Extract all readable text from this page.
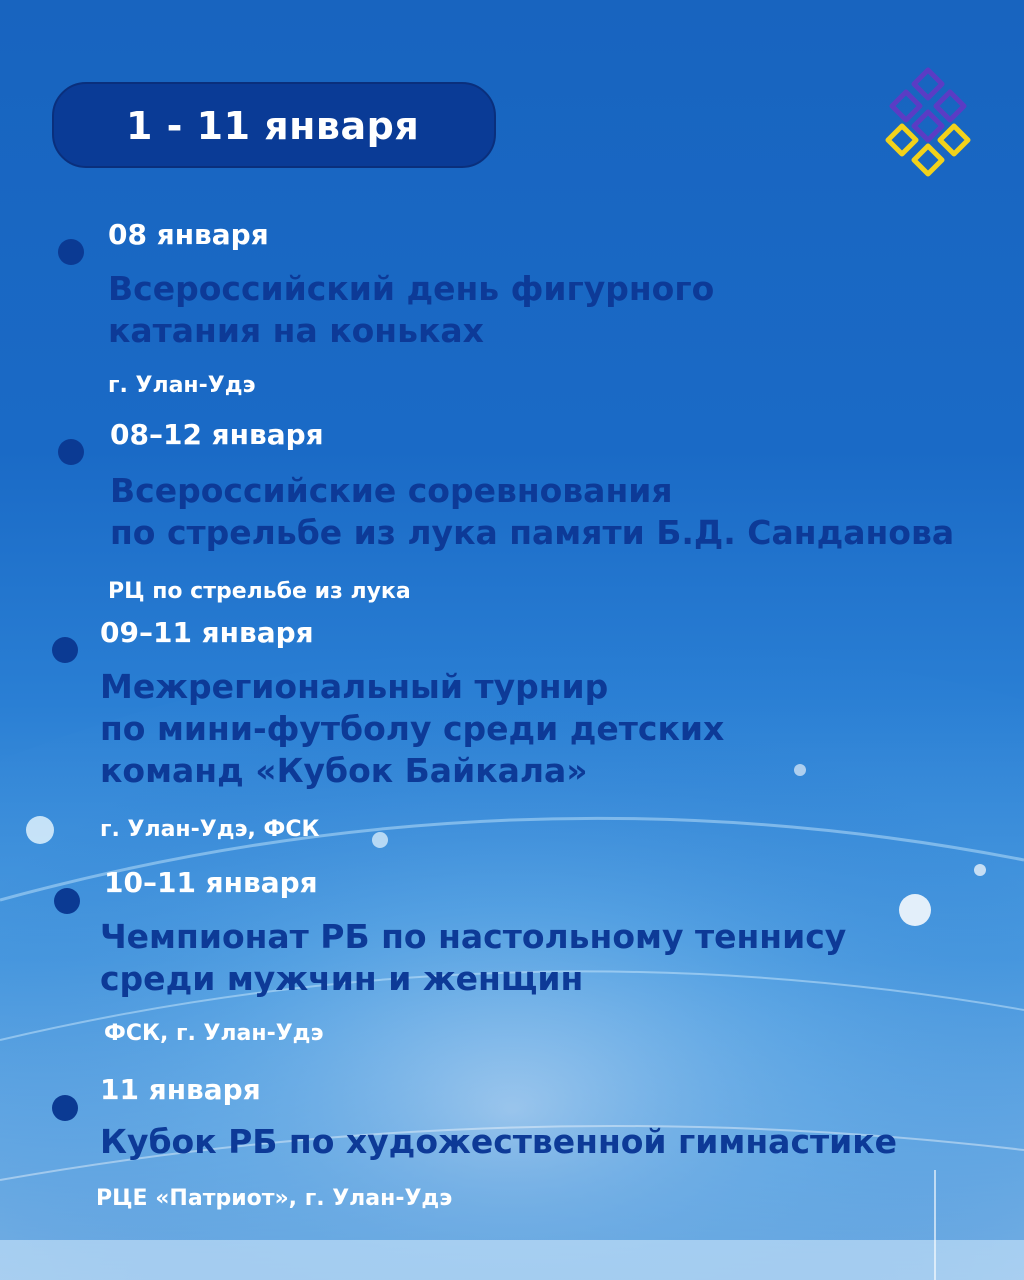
1 - 11 января

08 января

Всероссийский день фигурного
катания на коньках

г. Улан-Удэ

08–12 января

Всероссийские соревнования
по стрельбе из лука памяти Б.Д. Санданова

РЦ по стрельбе из лука

09–11 января

Межрегиональный турнир
по мини-футболу среди детских
команд «Кубок Байкала»

г. Улан-Удэ, ФСК

10–11 января

Чемпионат РБ по настольному теннису
среди мужчин и женщин

ФСК, г. Улан-Удэ

11 января

Кубок РБ по художественной гимнастике

РЦЕ «Патриот», г. Улан-Удэ
